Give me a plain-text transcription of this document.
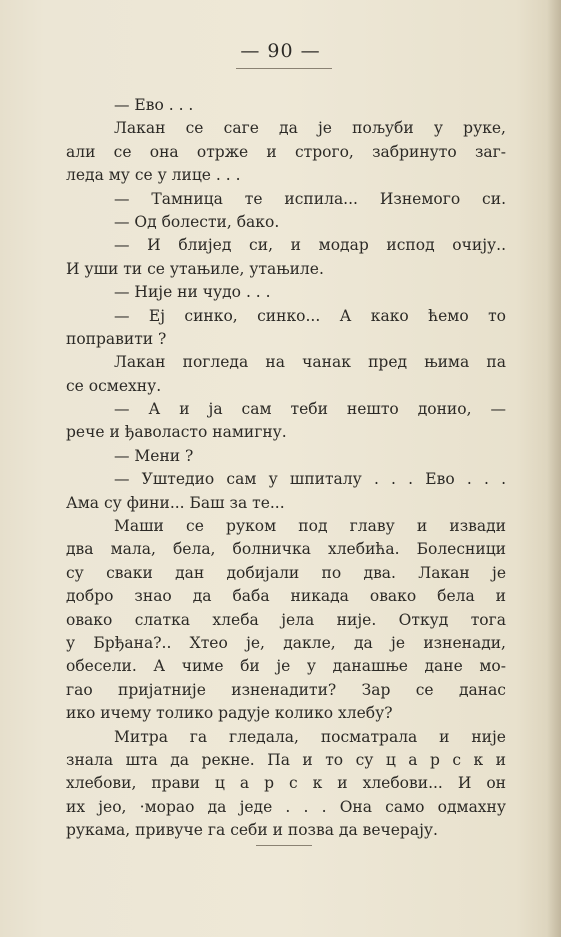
— 90 —
— Ево . . .
Лакан се саге да је пољуби у руке,
али се она отрже и строго, забринуто заг-
леда му се у лице . . .
— Тамница те испила... Изнемого си.
— Од болести, бако.
— И блијед си, и модар испод очију..
И уши ти се утањиле, утањиле.
— Није ни чудо . . .
— Еј синко, синко... А како ћемо то
поправити ?
Лакан погледа на чанак пред њима па
се осмехну.
— А и ја сам теби нешто донио, —
рече и ђаволасто намигну.
— Мени ?
— Уштедио сам у шпиталу . . . Ево . . .
Ама су фини... Баш за те...
Маши се руком под главу и извади
два мала, бела, болничка хлебића. Болесници
су сваки дан добијали по два. Лакан је
добро знао да баба никада овако бела и
овако слатка хлеба јела није. Откуд тога
у Брђана?.. Хтео је, дакле, да је изненади,
обесели. А чиме би је у данашње дане мо-
гао пријатније изненадити? Зар се данас
ико ичему толико радује колико хлебу?
Митра га гледала, посматрала и није
знала шта да рекне. Па и то су ц а р с к и
хлебови, прави ц а р с к и хлебови... И он
их јео, ·морао да једе . . . Она само одмахну
рукама, привуче га себи и позва да вечерају.
